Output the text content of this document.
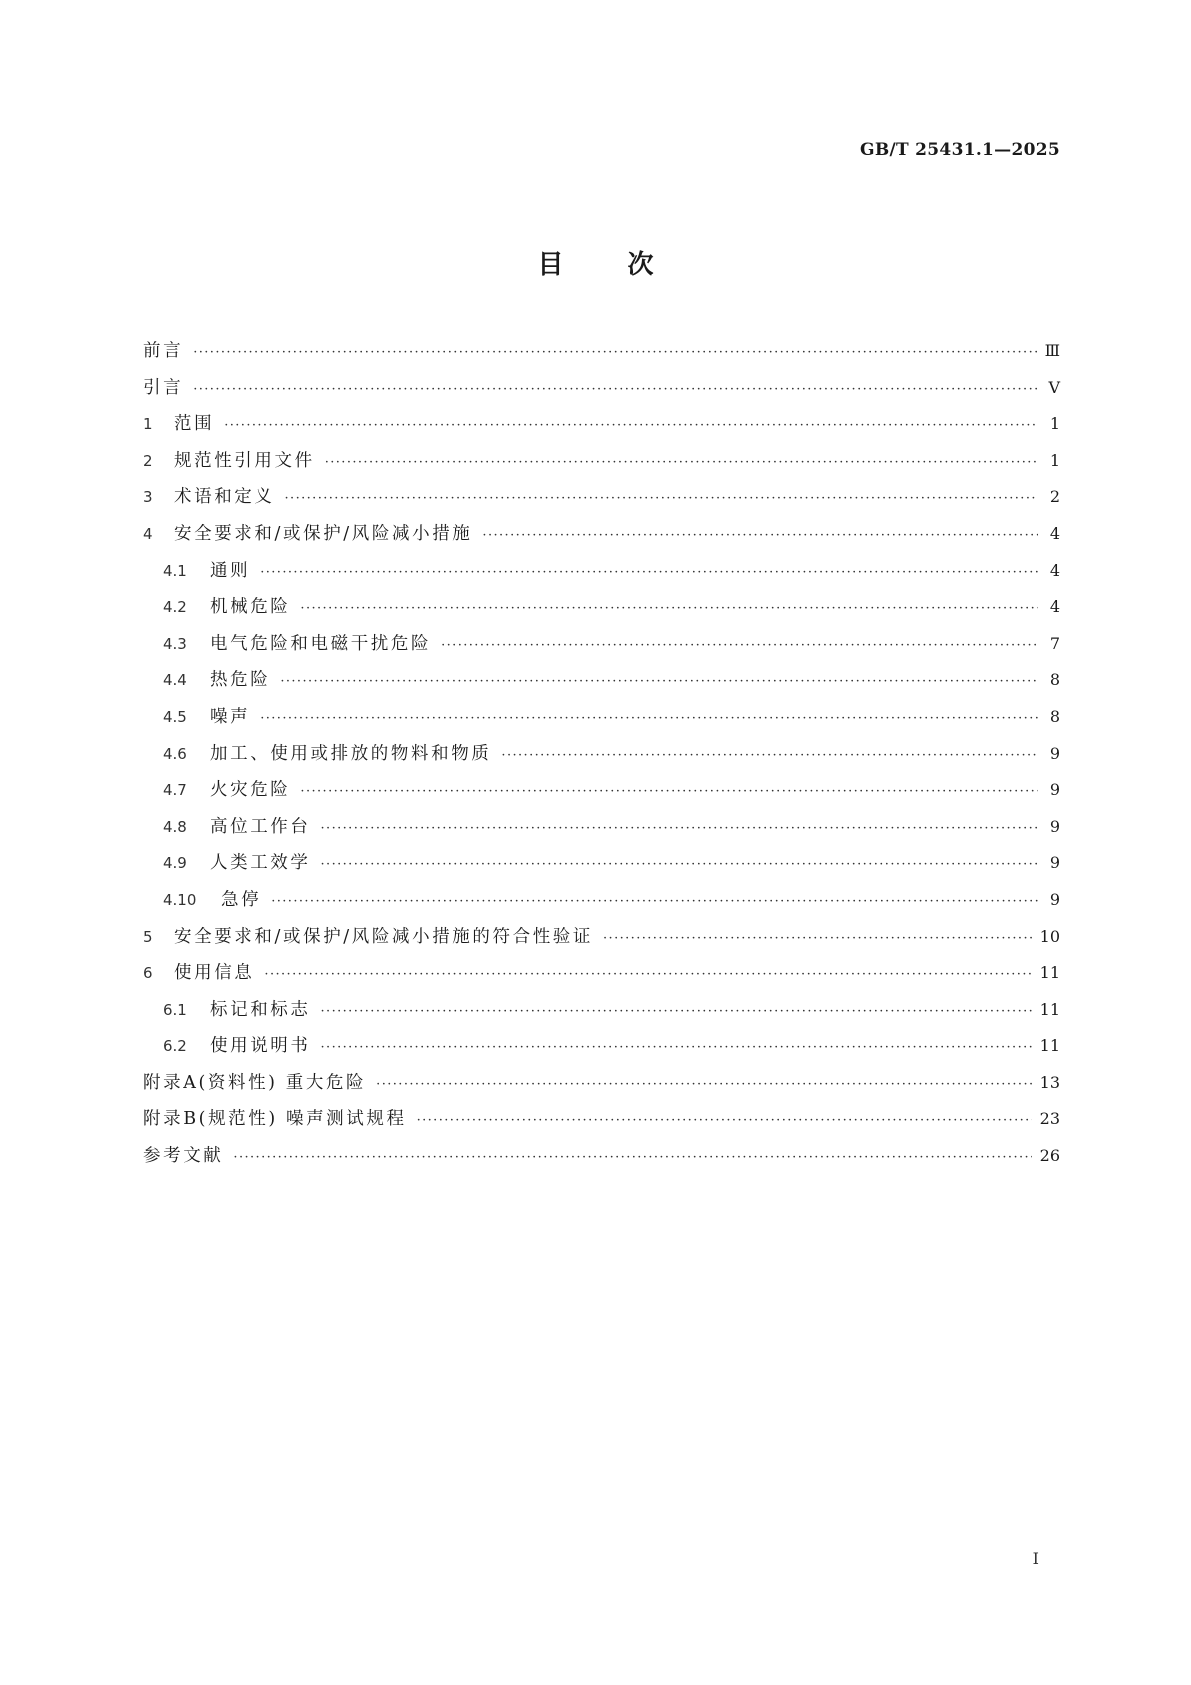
GB/T 25431.1—2025
目次
前言 ·····	Ⅲ
引言 ·····	Ⅴ
1	范围 ·····	1
2	规范性引用文件 ·····	1
3	术语和定义 ·····	2
4	安全要求和/或保护/风险减小措施 ·····	4
4.1	通则 ·····	4
4.2	机械危险 ·····	4
4.3	电气危险和电磁干扰危险 ·····	7
4.4	热危险 ·····	8
4.5	噪声 ·····	8
4.6	加工、使用或排放的物料和物质 ·····	9
4.7	火灾危险 ·····	9
4.8	高位工作台 ·····	9
4.9	人类工效学 ·····	9
4.10	急停 ·····	9
5	安全要求和/或保护/风险减小措施的符合性验证 ·····	10
6	使用信息 ·····	11
6.1	标记和标志 ·····	11
6.2	使用说明书 ·····	11
附录A(资料性) 重大危险 ·····	13
附录B(规范性) 噪声测试规程 ·····	23
参考文献 ·····	26
Ⅰ
